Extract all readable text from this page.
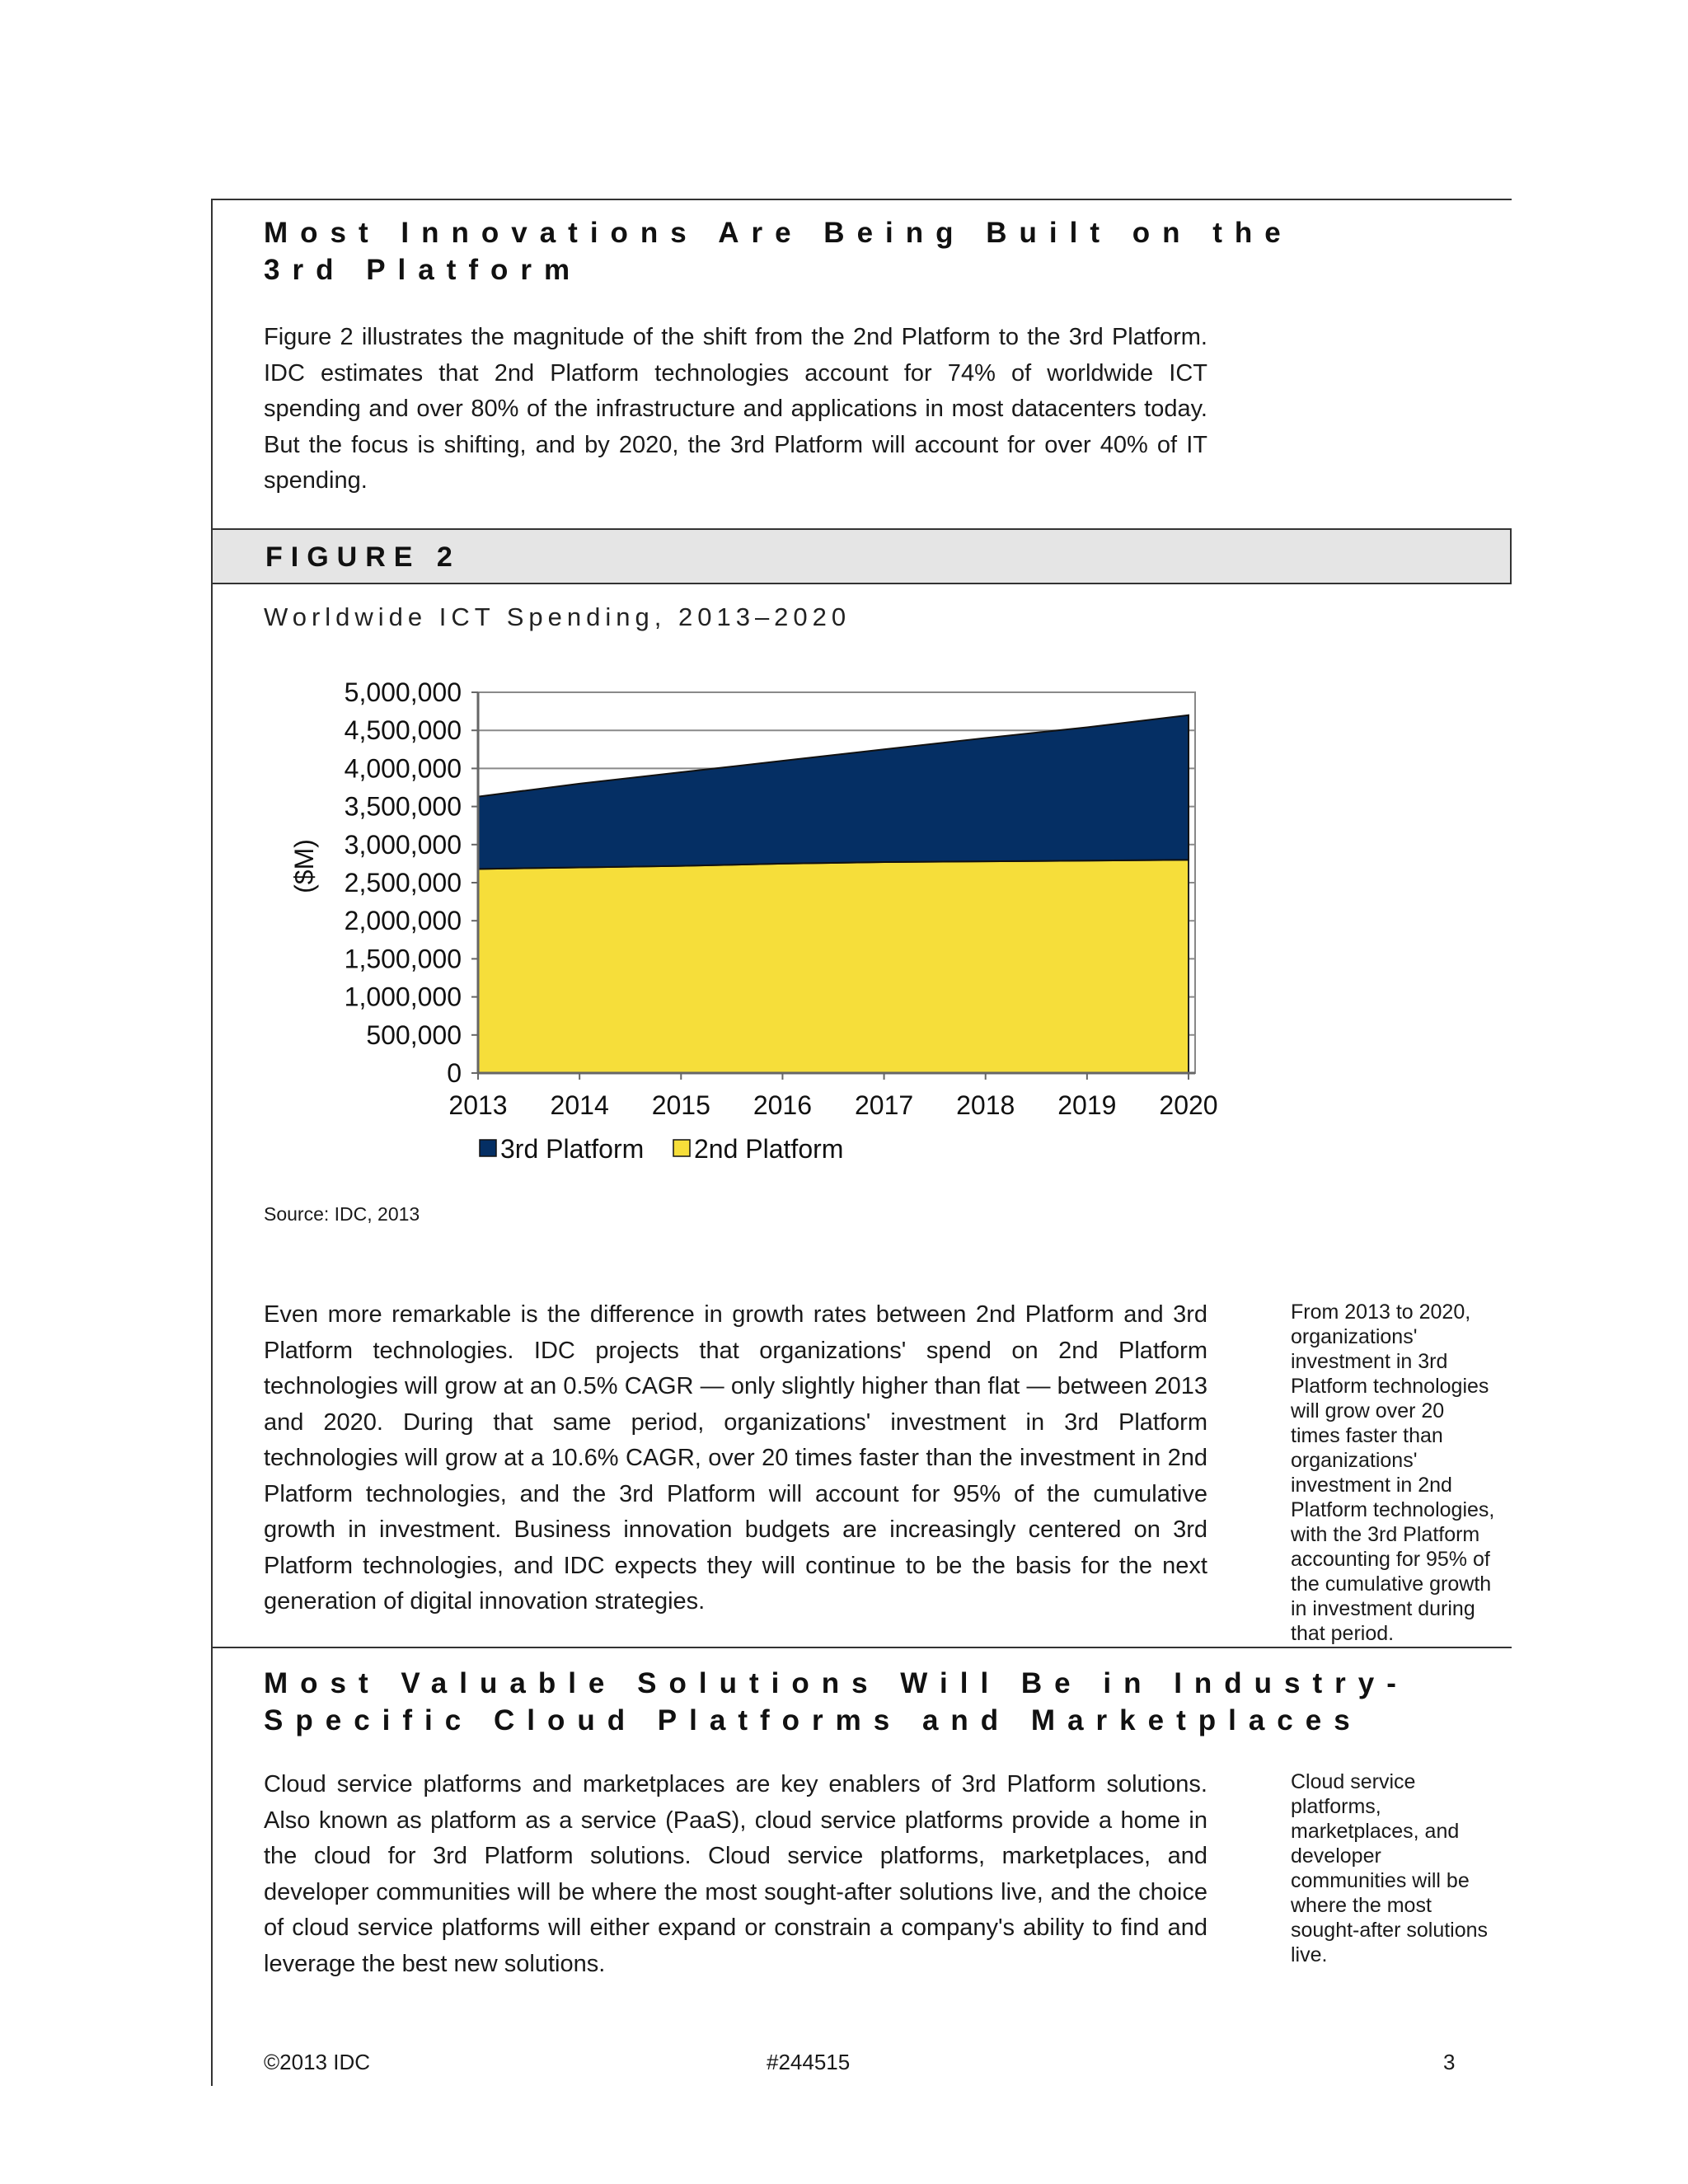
Most Innovations Are Being Built on the
3rd Platform
Figure 2 illustrates the magnitude of the shift from the 2nd Platform to the 3rd Platform. IDC estimates that 2nd Platform technologies account for 74% of worldwide ICT spending and over 80% of the infrastructure and applications in most datacenters today. But the focus is shifting, and by 2020, the 3rd Platform will account for over 40% of IT spending.
FIGURE 2
Worldwide ICT Spending, 2013–2020
0
500,000
1,000,000
1,500,000
2,000,000
2,500,000
3,000,000
3,500,000
4,000,000
4,500,000
5,000,000
($M)
2013 2014 2015 2016 2017 2018 2019 2020
3rd Platform 2nd Platform
Source: IDC, 2013
Even more remarkable is the difference in growth rates between 2nd Platform and 3rd Platform technologies. IDC projects that organizations' spend on 2nd Platform technologies will grow at an 0.5% CAGR — only slightly higher than flat — between 2013 and 2020. During that same period, organizations' investment in 3rd Platform technologies will grow at a 10.6% CAGR, over 20 times faster than the investment in 2nd Platform technologies, and the 3rd Platform will account for 95% of the cumulative growth in investment. Business innovation budgets are increasingly centered on 3rd Platform technologies, and IDC expects they will continue to be the basis for the next generation of digital innovation strategies.
From 2013 to 2020,
organizations'
investment in 3rd
Platform technologies
will grow over 20
times faster than
organizations'
investment in 2nd
Platform technologies,
with the 3rd Platform
accounting for 95% of
the cumulative growth
in investment during
that period.
Most Valuable Solutions Will Be in Industry-
Specific Cloud Platforms and Marketplaces
Cloud service platforms and marketplaces are key enablers of 3rd Platform solutions. Also known as platform as a service (PaaS), cloud service platforms provide a home in the cloud for 3rd Platform solutions. Cloud service platforms, marketplaces, and developer communities will be where the most sought-after solutions live, and the choice of cloud service platforms will either expand or constrain a company's ability to find and leverage the best new solutions.
Cloud service
platforms,
marketplaces, and
developer
communities will be
where the most
sought-after solutions
live.
©2013 IDC	#244515	3
